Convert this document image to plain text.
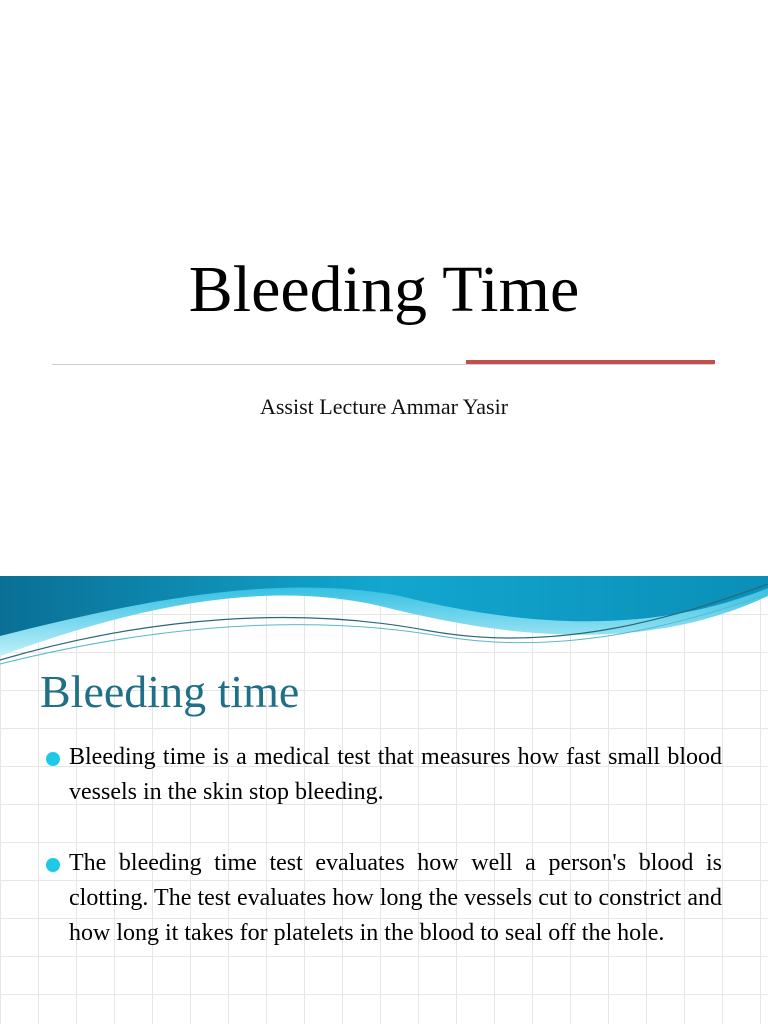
Bleeding Time
Assist Lecture Ammar Yasir
Bleeding time
Bleeding time is a medical test that measures how fast small blood vessels in the skin stop bleeding.
The bleeding time test evaluates how well a person's blood is clotting. The test evaluates how long the vessels cut to constrict and how long it takes for platelets in the blood to seal off the hole.
